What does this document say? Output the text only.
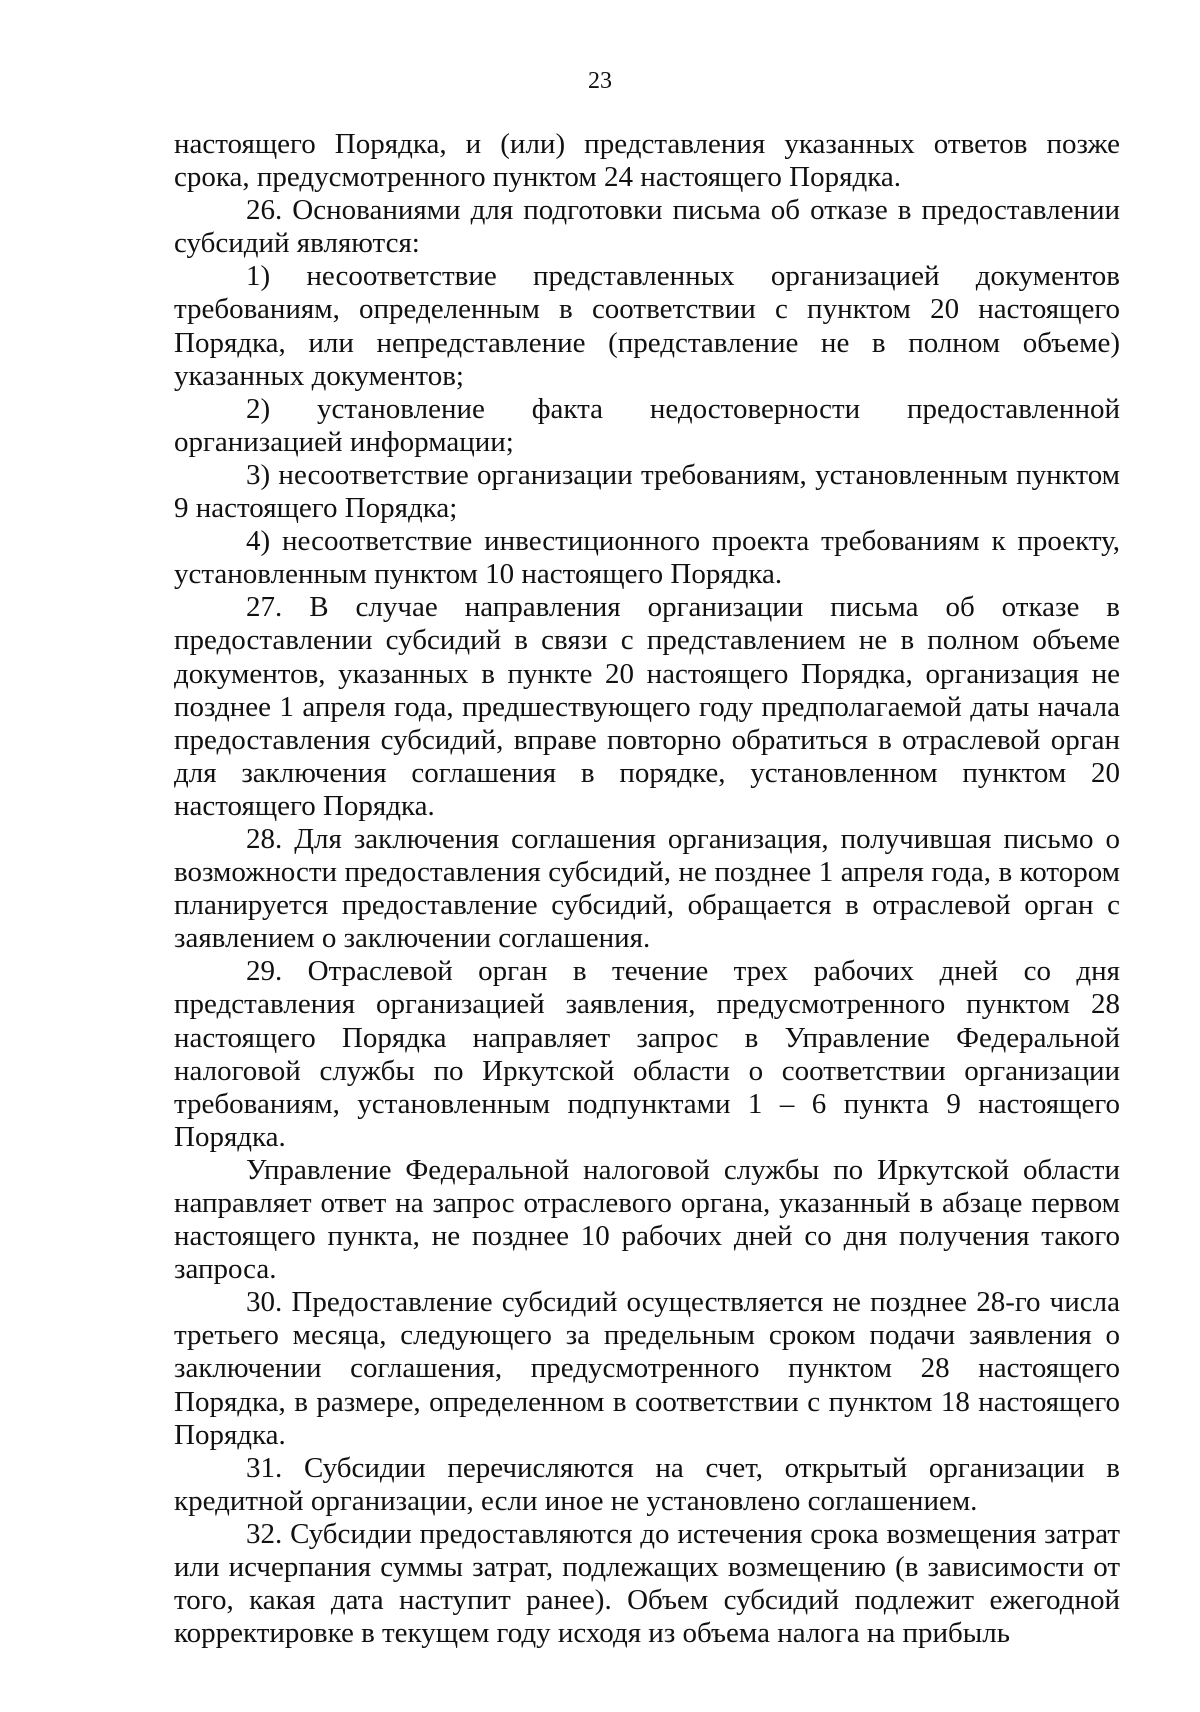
23

настоящего Порядка, и (или) представления указанных ответов позже срока, предусмотренного пунктом 24 настоящего Порядка.

26. Основаниями для подготовки письма об отказе в предоставлении субсидий являются:

1) несоответствие представленных организацией документов требованиям, определенным в соответствии с пунктом 20 настоящего Порядка, или непредставление (представление не в полном объеме) указанных документов;

2) установление факта недостоверности предоставленной организацией информации;

3) несоответствие организации требованиям, установленным пунктом 9 настоящего Порядка;

4) несоответствие инвестиционного проекта требованиям к проекту, установленным пунктом 10 настоящего Порядка.

27. В случае направления организации письма об отказе в предоставлении субсидий в связи с представлением не в полном объеме документов, указанных в пункте 20 настоящего Порядка, организация не позднее 1 апреля года, предшествующего году предполагаемой даты начала предоставления субсидий, вправе повторно обратиться в отраслевой орган для заключения соглашения в порядке, установленном пунктом 20 настоящего Порядка.

28. Для заключения соглашения организация, получившая письмо о возможности предоставления субсидий, не позднее 1 апреля года, в котором планируется предоставление субсидий, обращается в отраслевой орган с заявлением о заключении соглашения.

29. Отраслевой орган в течение трех рабочих дней со дня представления организацией заявления, предусмотренного пунктом 28 настоящего Порядка направляет запрос в Управление Федеральной налоговой службы по Иркутской области о соответствии организации требованиям, установленным подпунктами 1 – 6 пункта 9 настоящего Порядка.

Управление Федеральной налоговой службы по Иркутской области направляет ответ на запрос отраслевого органа, указанный в абзаце первом настоящего пункта, не позднее 10 рабочих дней со дня получения такого запроса.

30. Предоставление субсидий осуществляется не позднее 28-го числа третьего месяца, следующего за предельным сроком подачи заявления о заключении соглашения, предусмотренного пунктом 28 настоящего Порядка, в размере, определенном в соответствии с пунктом 18 настоящего Порядка.

31. Субсидии перечисляются на счет, открытый организации в кредитной организации, если иное не установлено соглашением.

32. Субсидии предоставляются до истечения срока возмещения затрат или исчерпания суммы затрат, подлежащих возмещению (в зависимости от того, какая дата наступит ранее). Объем субсидий подлежит ежегодной корректировке в текущем году исходя из объема налога на прибыль
